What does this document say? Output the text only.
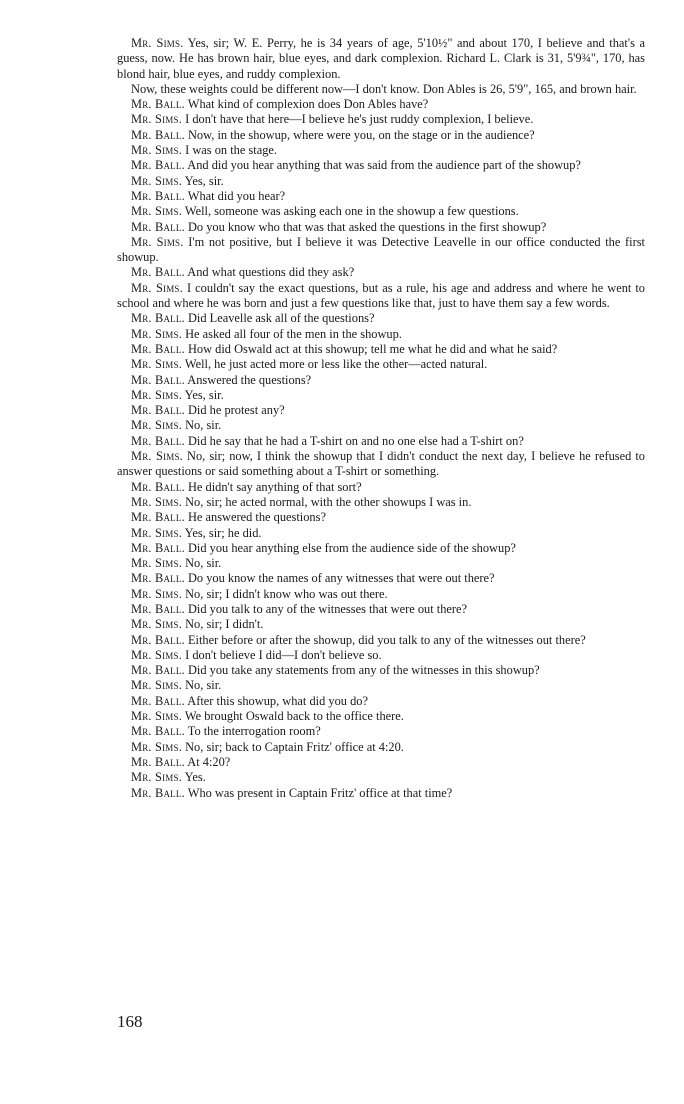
Mr. Sims. Yes, sir; W. E. Perry, he is 34 years of age, 5'10½" and about 170, I believe and that's a guess, now. He has brown hair, blue eyes, and dark complexion. Richard L. Clark is 31, 5'9¾", 170, has blond hair, blue eyes, and ruddy complexion.

Now, these weights could be different now—I don't know. Don Ables is 26, 5'9", 165, and brown hair.

Mr. Ball. What kind of complexion does Don Ables have?

Mr. Sims. I don't have that here—I believe he's just ruddy complexion, I believe.

Mr. Ball. Now, in the showup, where were you, on the stage or in the audience?

Mr. Sims. I was on the stage.

Mr. Ball. And did you hear anything that was said from the audience part of the showup?

Mr. Sims. Yes, sir.

Mr. Ball. What did you hear?

Mr. Sims. Well, someone was asking each one in the showup a few questions.

Mr. Ball. Do you know who that was that asked the questions in the first showup?

Mr. Sims. I'm not positive, but I believe it was Detective Leavelle in our office conducted the first showup.

Mr. Ball. And what questions did they ask?

Mr. Sims. I couldn't say the exact questions, but as a rule, his age and address and where he went to school and where he was born and just a few questions like that, just to have them say a few words.

Mr. Ball. Did Leavelle ask all of the questions?

Mr. Sims. He asked all four of the men in the showup.

Mr. Ball. How did Oswald act at this showup; tell me what he did and what he said?

Mr. Sims. Well, he just acted more or less like the other—acted natural.

Mr. Ball. Answered the questions?

Mr. Sims. Yes, sir.

Mr. Ball. Did he protest any?

Mr. Sims. No, sir.

Mr. Ball. Did he say that he had a T-shirt on and no one else had a T-shirt on?

Mr. Sims. No, sir; now, I think the showup that I didn't conduct the next day, I believe he refused to answer questions or said something about a T-shirt or something.

Mr. Ball. He didn't say anything of that sort?

Mr. Sims. No, sir; he acted normal, with the other showups I was in.

Mr. Ball. He answered the questions?

Mr. Sims. Yes, sir; he did.

Mr. Ball. Did you hear anything else from the audience side of the showup?

Mr. Sims. No, sir.

Mr. Ball. Do you know the names of any witnesses that were out there?

Mr. Sims. No, sir; I didn't know who was out there.

Mr. Ball. Did you talk to any of the witnesses that were out there?

Mr. Sims. No, sir; I didn't.

Mr. Ball. Either before or after the showup, did you talk to any of the witnesses out there?

Mr. Sims. I don't believe I did—I don't believe so.

Mr. Ball. Did you take any statements from any of the witnesses in this showup?

Mr. Sims. No, sir.

Mr. Ball. After this showup, what did you do?

Mr. Sims. We brought Oswald back to the office there.

Mr. Ball. To the interrogation room?

Mr. Sims. No, sir; back to Captain Fritz' office at 4:20.

Mr. Ball. At 4:20?

Mr. Sims. Yes.

Mr. Ball. Who was present in Captain Fritz' office at that time?

168
